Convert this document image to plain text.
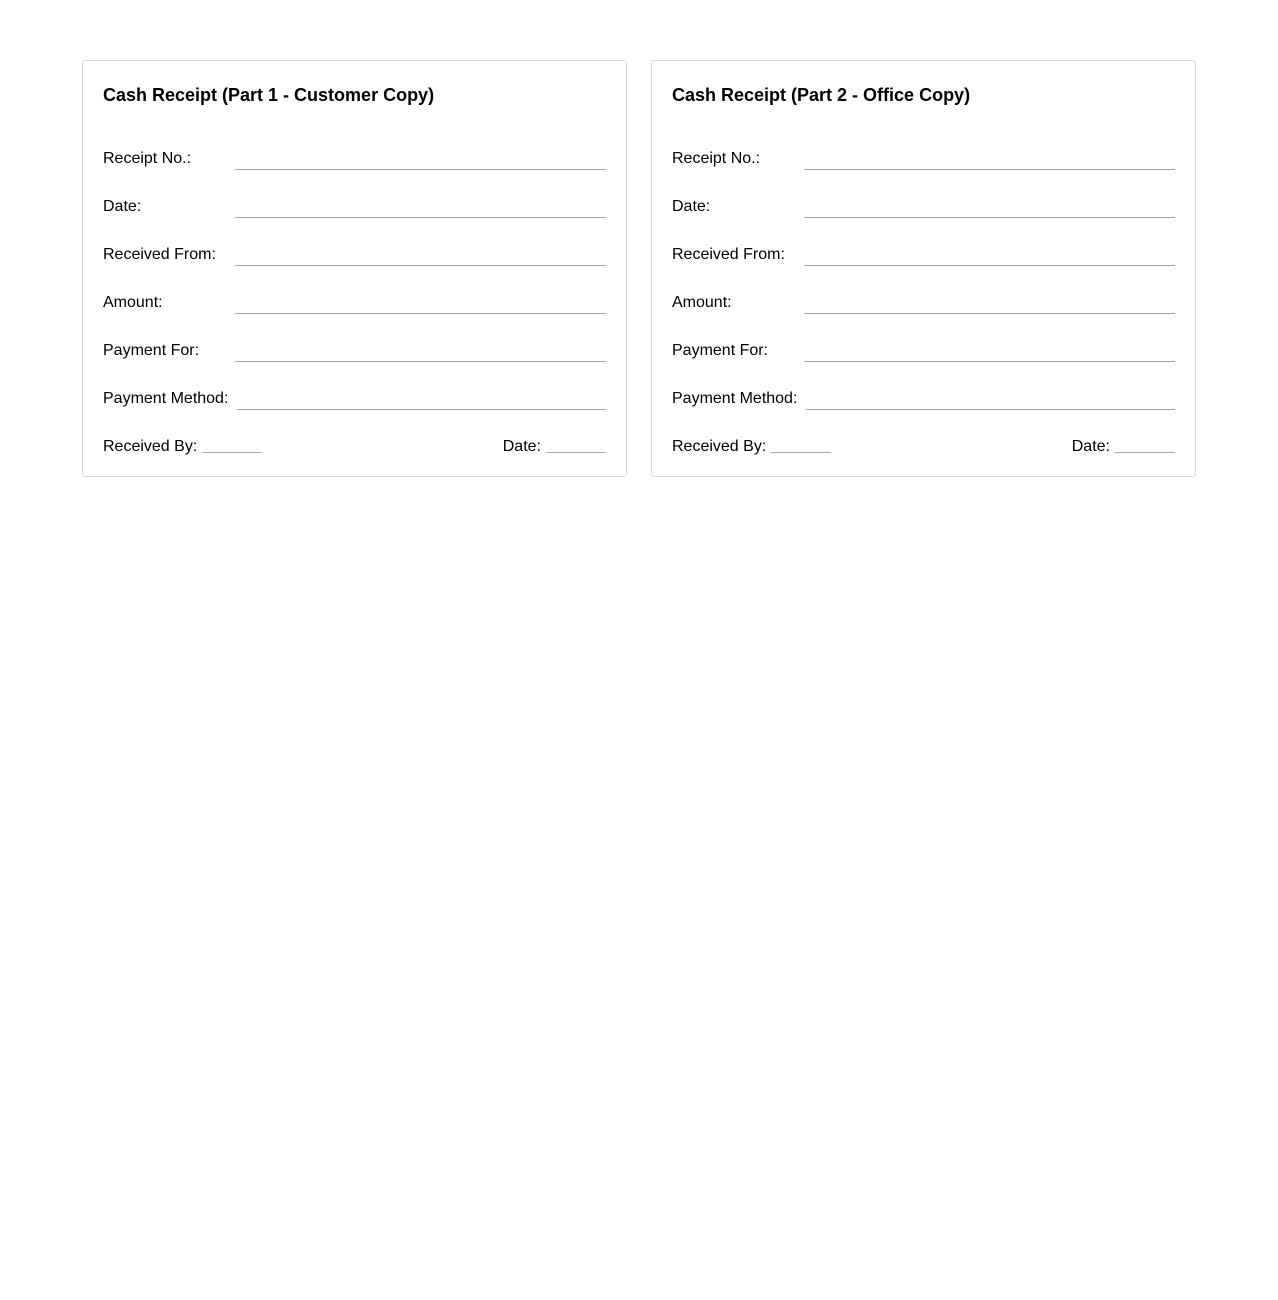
Cash Receipt (Part 1 - Customer Copy)
Receipt No.:
Date:
Received From:
Amount:
Payment For:
Payment Method:
Received By:	Date:
Cash Receipt (Part 2 - Office Copy)
Receipt No.:
Date:
Received From:
Amount:
Payment For:
Payment Method:
Received By:	Date:
